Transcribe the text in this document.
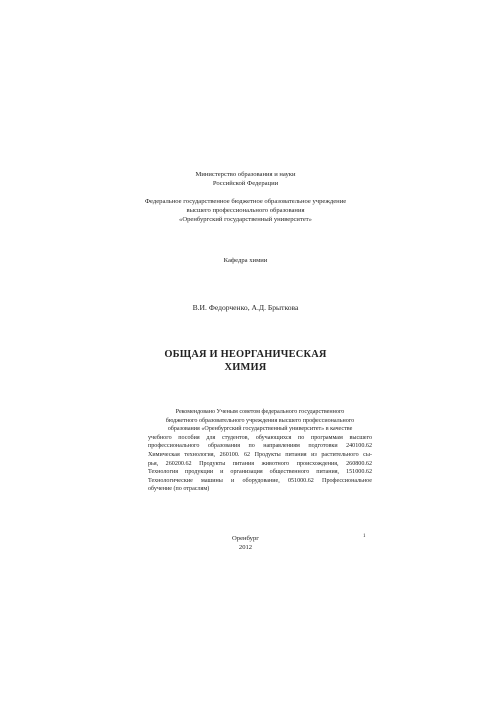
Министерство образования и науки
Российской Федерации
Федеральное государственное бюджетное образовательное учреждение
высшего профессионального образования
«Оренбургский государственный университет»
Кафедра химии
В.И. Федорченко, А.Д. Брыткова
ОБЩАЯ И НЕОРГАНИЧЕСКАЯ
ХИМИЯ
Рекомендовано Ученым советом федерального государственного
бюджетного образовательного учреждения высшего профессионального
образования «Оренбургский государственный университет» в качестве
учебного пособия для студентов, обучающихся по программам высшего
профессионального образования по направлениям подготовки 240100.62
Химическая технология, 260100. 62 Продукты питания из растительного сы-
рья, 260200.62 Продукты питания животного происхождения, 260800.62
Технология продукции и организация общественного питания, 151000.62
Технологические машины и оборудование, 051000.62 Профессиональное
обучение (по отраслям)
Оренбург
2012
1
